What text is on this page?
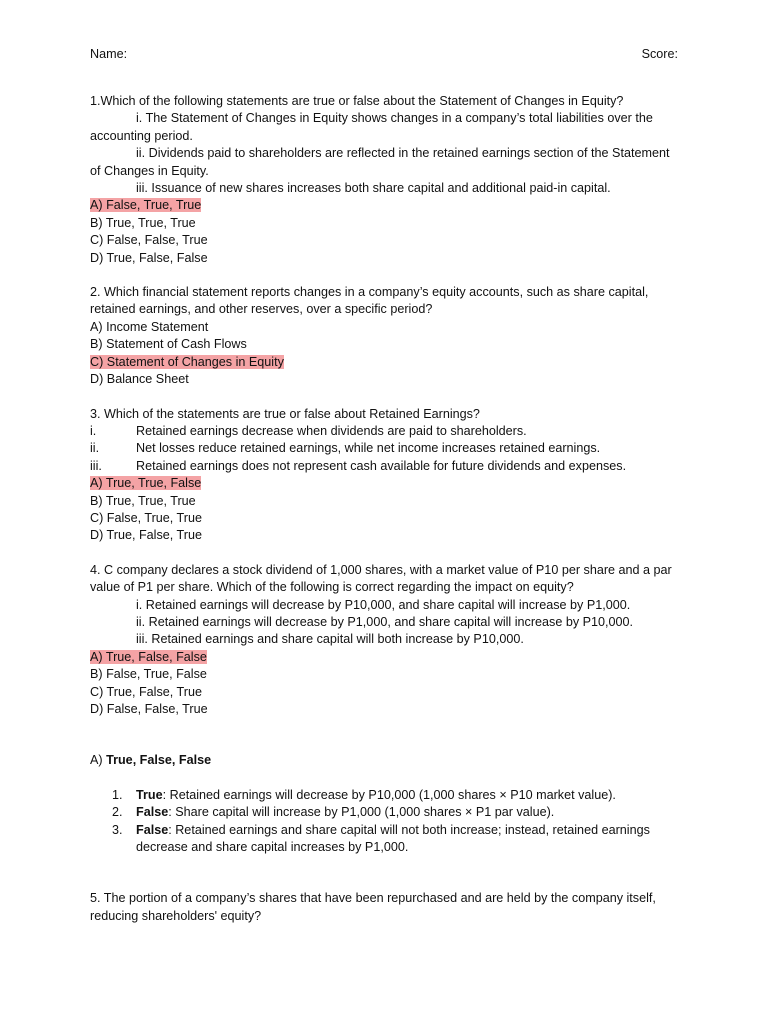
Name:	Score:
1.Which of the following statements are true or false about the Statement of Changes in Equity?
i. The Statement of Changes in Equity shows changes in a company’s total liabilities over the accounting period.
ii. Dividends paid to shareholders are reflected in the retained earnings section of the Statement of Changes in Equity.
iii. Issuance of new shares increases both share capital and additional paid-in capital.
A) False, True, True
B) True, True, True
C) False, False, True
D) True, False, False
2. Which financial statement reports changes in a company’s equity accounts, such as share capital, retained earnings, and other reserves, over a specific period?
A) Income Statement
B) Statement of Cash Flows
C) Statement of Changes in Equity
D) Balance Sheet
3. Which of the statements are true or false about Retained Earnings?
i.	Retained earnings decrease when dividends are paid to shareholders.
ii.	Net losses reduce retained earnings, while net income increases retained earnings.
iii.	Retained earnings does not represent cash available for future dividends and expenses.
A) True, True, False
B) True, True, True
C) False, True, True
D) True, False, True
4. C company declares a stock dividend of 1,000 shares, with a market value of P10 per share and a par value of P1 per share. Which of the following is correct regarding the impact on equity?
i. Retained earnings will decrease by P10,000, and share capital will increase by P1,000.
ii. Retained earnings will decrease by P1,000, and share capital will increase by P10,000.
iii. Retained earnings and share capital will both increase by P10,000.
A) True, False, False
B) False, True, False
C) True, False, True
D) False, False, True
A) True, False, False
1. True: Retained earnings will decrease by P10,000 (1,000 shares × P10 market value).
2. False: Share capital will increase by P1,000 (1,000 shares × P1 par value).
3. False: Retained earnings and share capital will not both increase; instead, retained earnings decrease and share capital increases by P1,000.
5. The portion of a company’s shares that have been repurchased and are held by the company itself, reducing shareholders' equity?
